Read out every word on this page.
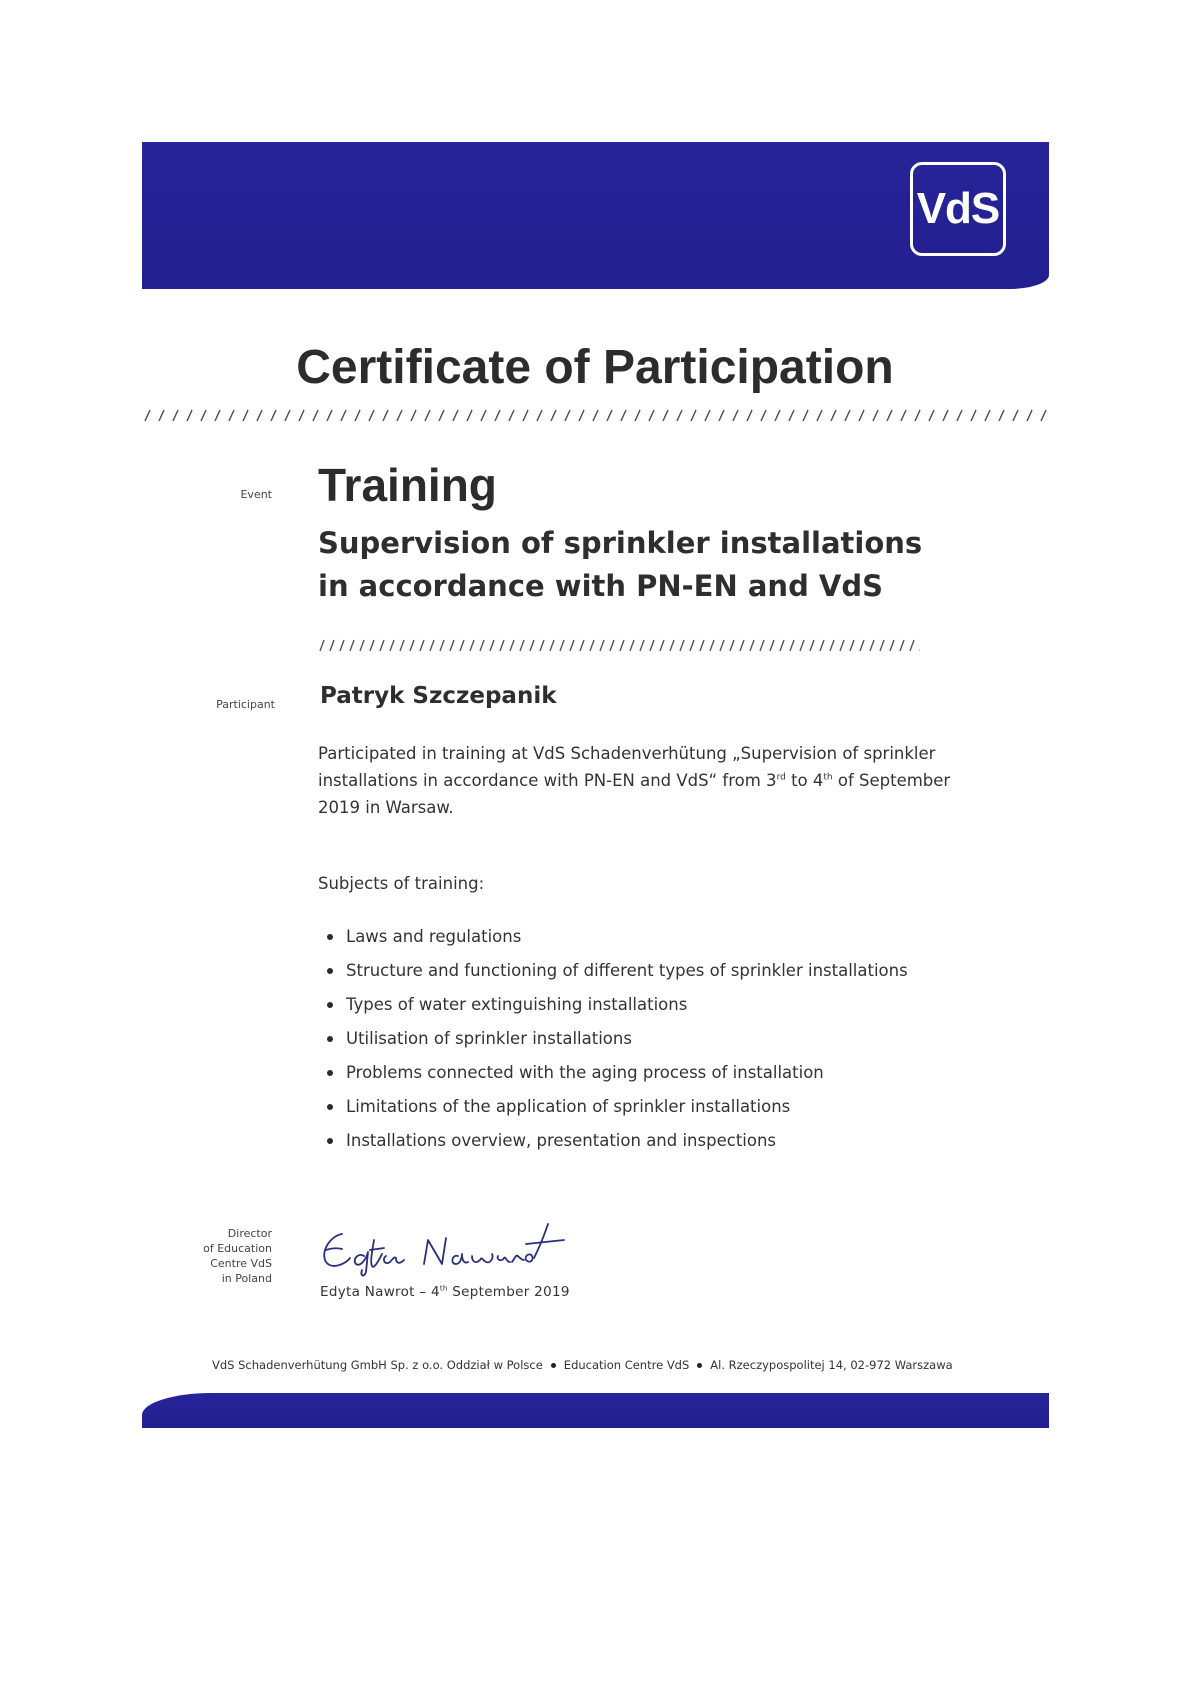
VdS
Certificate of Participation
Event Training
Supervision of sprinkler installations
in accordance with PN-EN and VdS
Participant Patryk Szczepanik

Participated in training at VdS Schadenverhütung „Supervision of sprinkler installations in accordance with PN-EN and VdS“ from 3rd to 4th of September 2019 in Warsaw.

Subjects of training:

Laws and regulations
Structure and functioning of different types of sprinkler installations
Types of water extinguishing installations
Utilisation of sprinkler installations
Problems connected with the aging process of installation
Limitations of the application of sprinkler installations
Installations overview, presentation and inspections
Director
of Education
Centre VdS
in Poland

Edyta Nawrot – 4th September 2019

VdS Schadenverhütung GmbH Sp. z o.o. Oddział w Polsce Education Centre VdS Al. Rzeczypospolitej 14, 02-972 Warszawa
